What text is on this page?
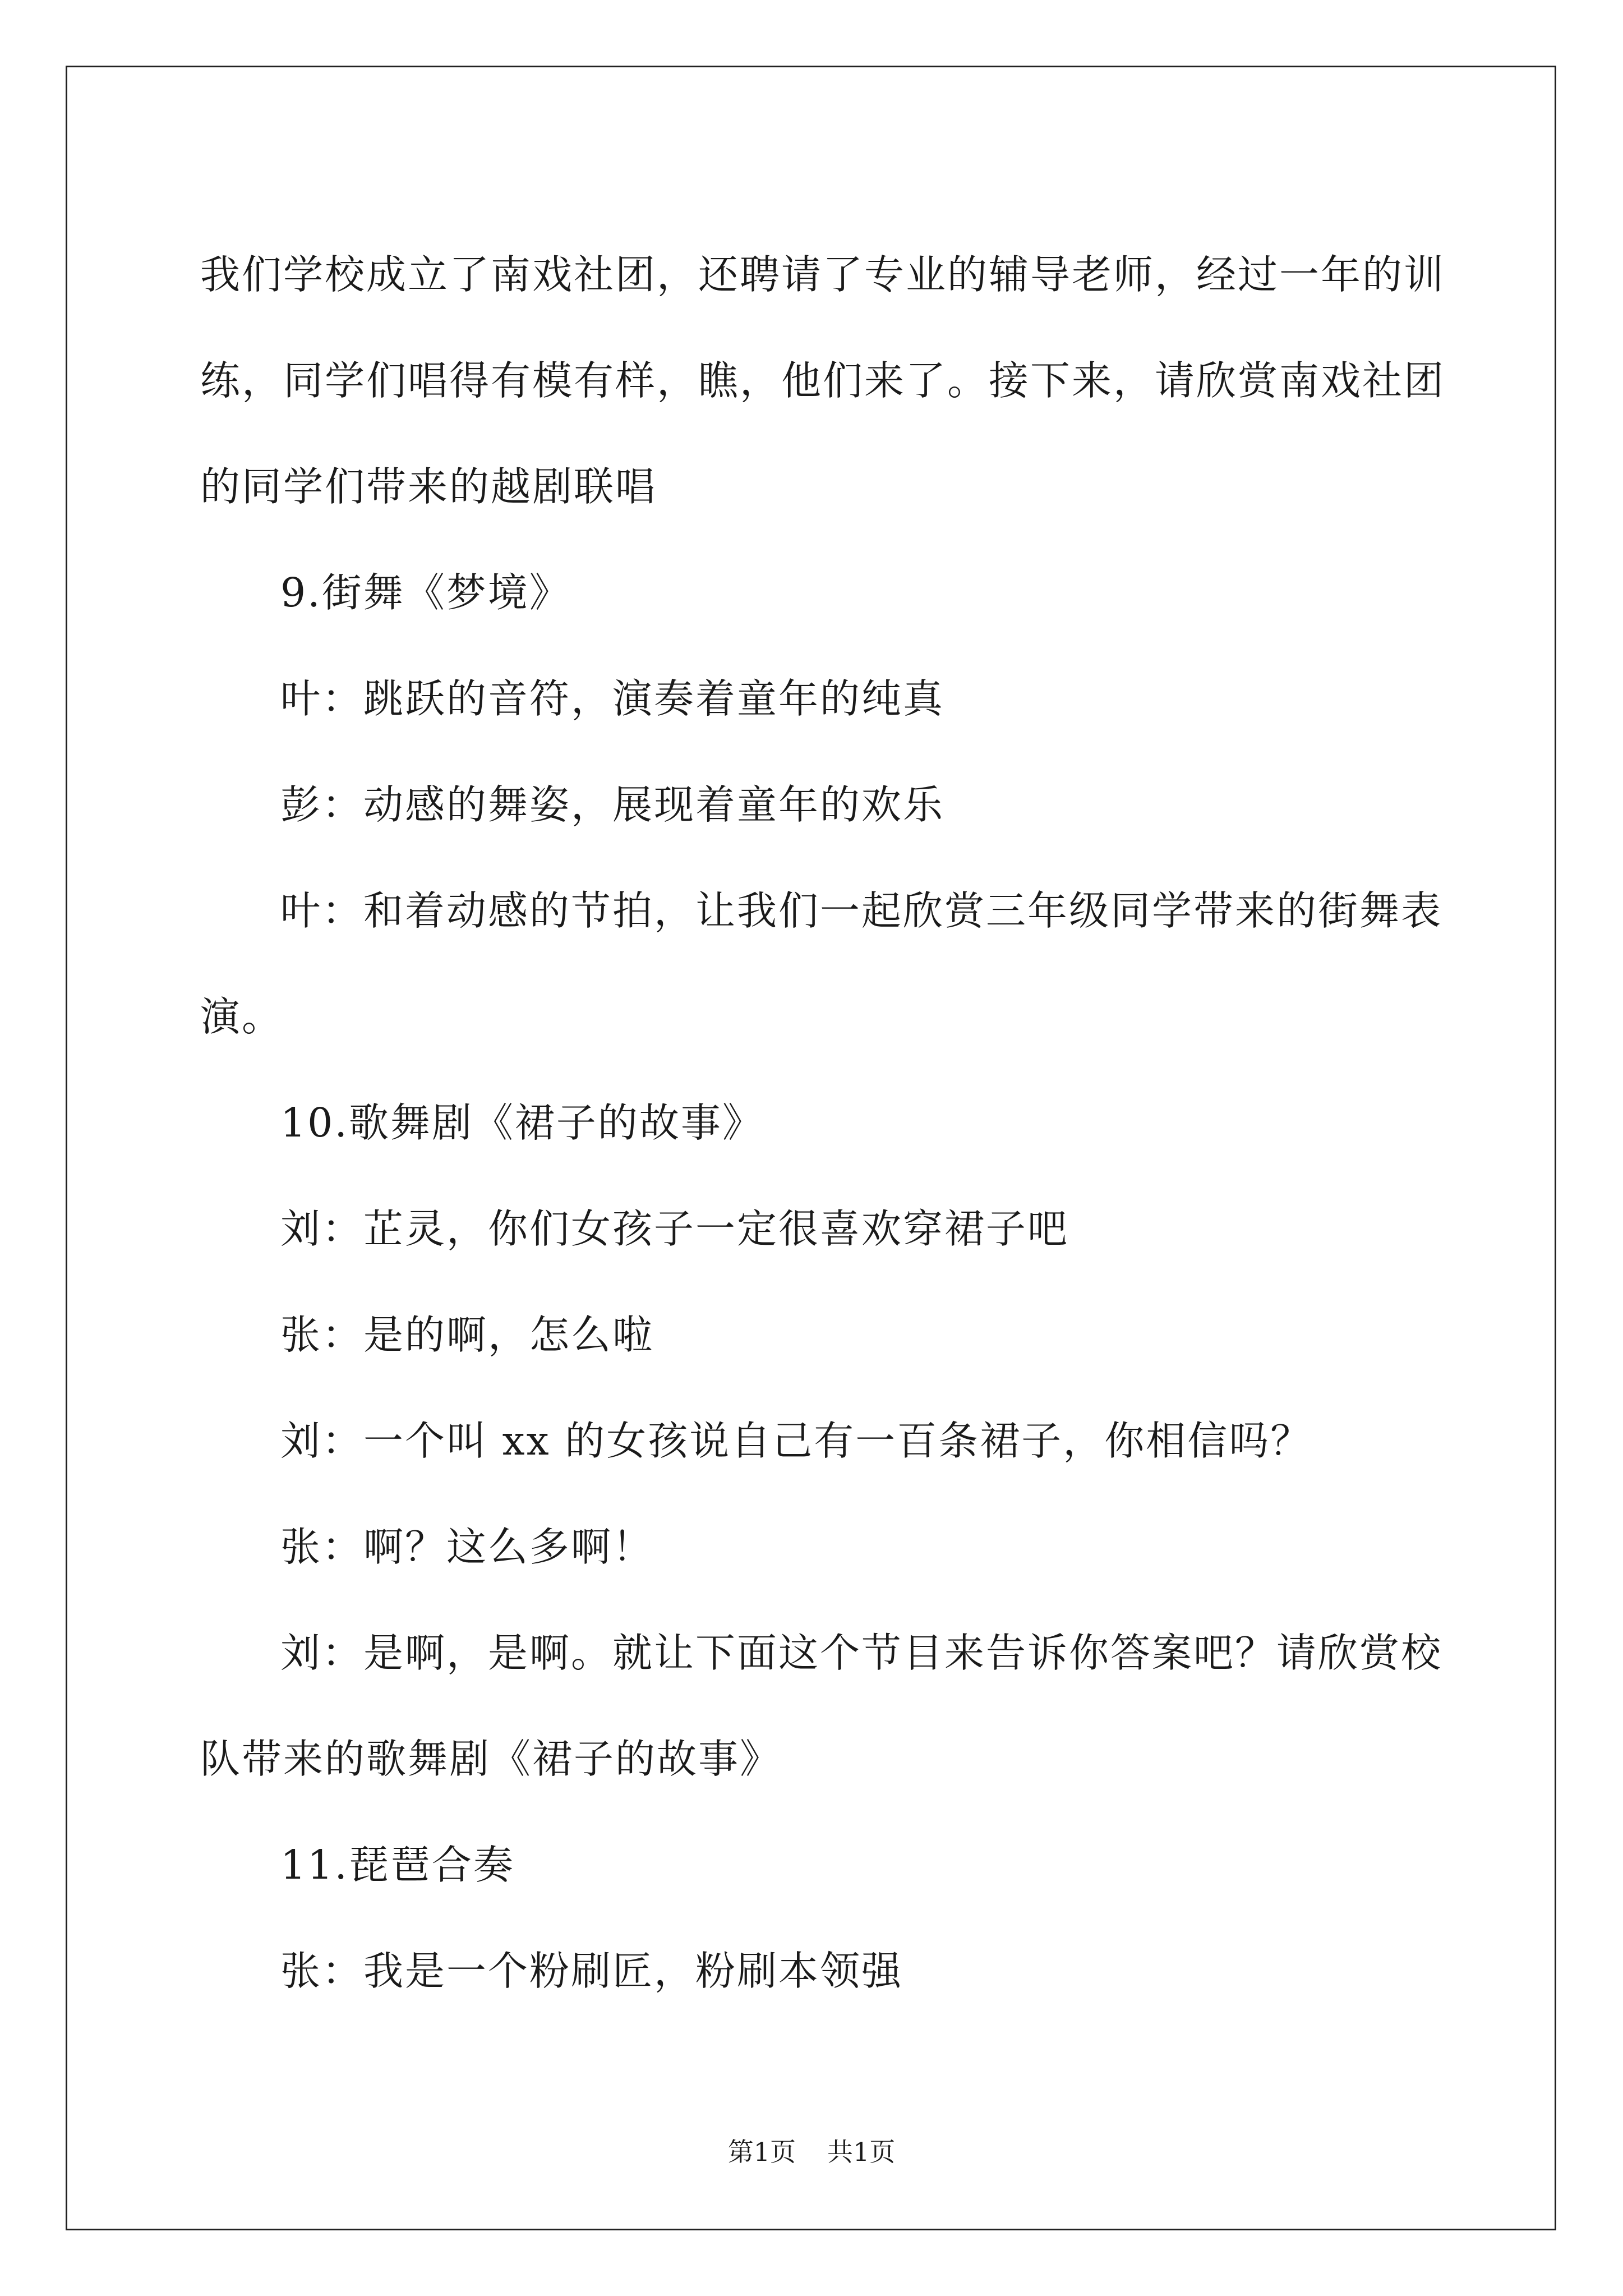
我们学校成立了南戏社团，还聘请了专业的辅导老师，经过一年的训

练，同学们唱得有模有样，瞧，他们来了。接下来，请欣赏南戏社团

的同学们带来的越剧联唱

9.街舞《梦境》

叶：跳跃的音符，演奏着童年的纯真

彭：动感的舞姿，展现着童年的欢乐

叶：和着动感的节拍，让我们一起欣赏三年级同学带来的街舞表

演。

10.歌舞剧《裙子的故事》

刘：芷灵，你们女孩子一定很喜欢穿裙子吧

张：是的啊，怎么啦

刘：一个叫 xx 的女孩说自己有一百条裙子，你相信吗？

张：啊？这么多啊！

刘：是啊，是啊。就让下面这个节目来告诉你答案吧？请欣赏校

队带来的歌舞剧《裙子的故事》

11.琵琶合奏

张：我是一个粉刷匠，粉刷本领强

第1页 共1页
